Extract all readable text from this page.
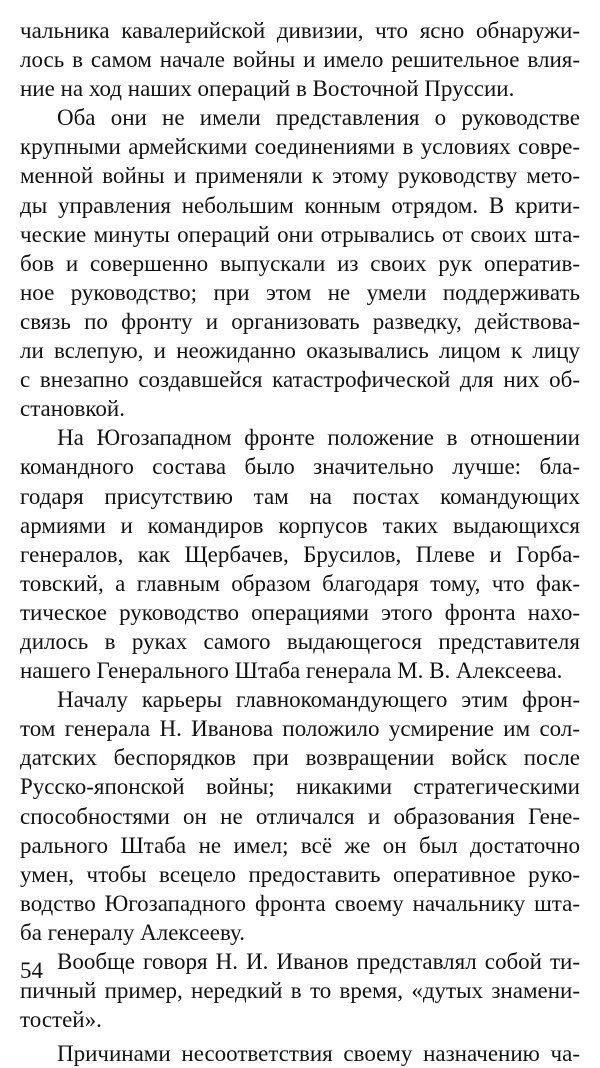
чальника кавалерийской дивизии, что ясно обнаружи-
лось в самом начале войны и имело решительное влия-
ние на ход наших операций в Восточной Пруссии.
Оба они не имели представления о руководстве
крупными армейскими соединениями в условиях совре-
менной войны и применяли к этому руководству мето-
ды управления небольшим конным отрядом. В крити-
ческие минуты операций они отрывались от своих шта-
бов и совершенно выпускали из своих рук оператив-
ное руководство; при этом не умели поддерживать
связь по фронту и организовать разведку, действова-
ли вслепую, и неожиданно оказывались лицом к лицу
с внезапно создавшейся катастрофической для них об-
становкой.
На Югозападном фронте положение в отношении
командного состава было значительно лучше: бла-
годаря присутствию там на постах командующих
армиями и командиров корпусов таких выдающихся
генералов, как Щербачев, Брусилов, Плеве и Горба-
товский, а главным образом благодаря тому, что фак-
тическое руководство операциями этого фронта нахо-
дилось в руках самого выдающегося представителя
нашего Генерального Штаба генерала М. В. Алексеева.
Началу карьеры главнокомандующего этим фрон-
том генерала Н. Иванова положило усмирение им сол-
датских беспорядков при возвращении войск после
Русско-японской войны; никакими стратегическими
способностями он не отличался и образования Гене-
рального Штаба не имел; всё же он был достаточно
умен, чтобы всецело предоставить оперативное руко-
водство Югозападного фронта своему начальнику шта-
ба генералу Алексееву.
Вообще говоря Н. И. Иванов представлял собой ти-
пичный пример, нередкий в то время, «дутых знамени-
тостей».
Причинами несоответствия своему назначению ча-
54
